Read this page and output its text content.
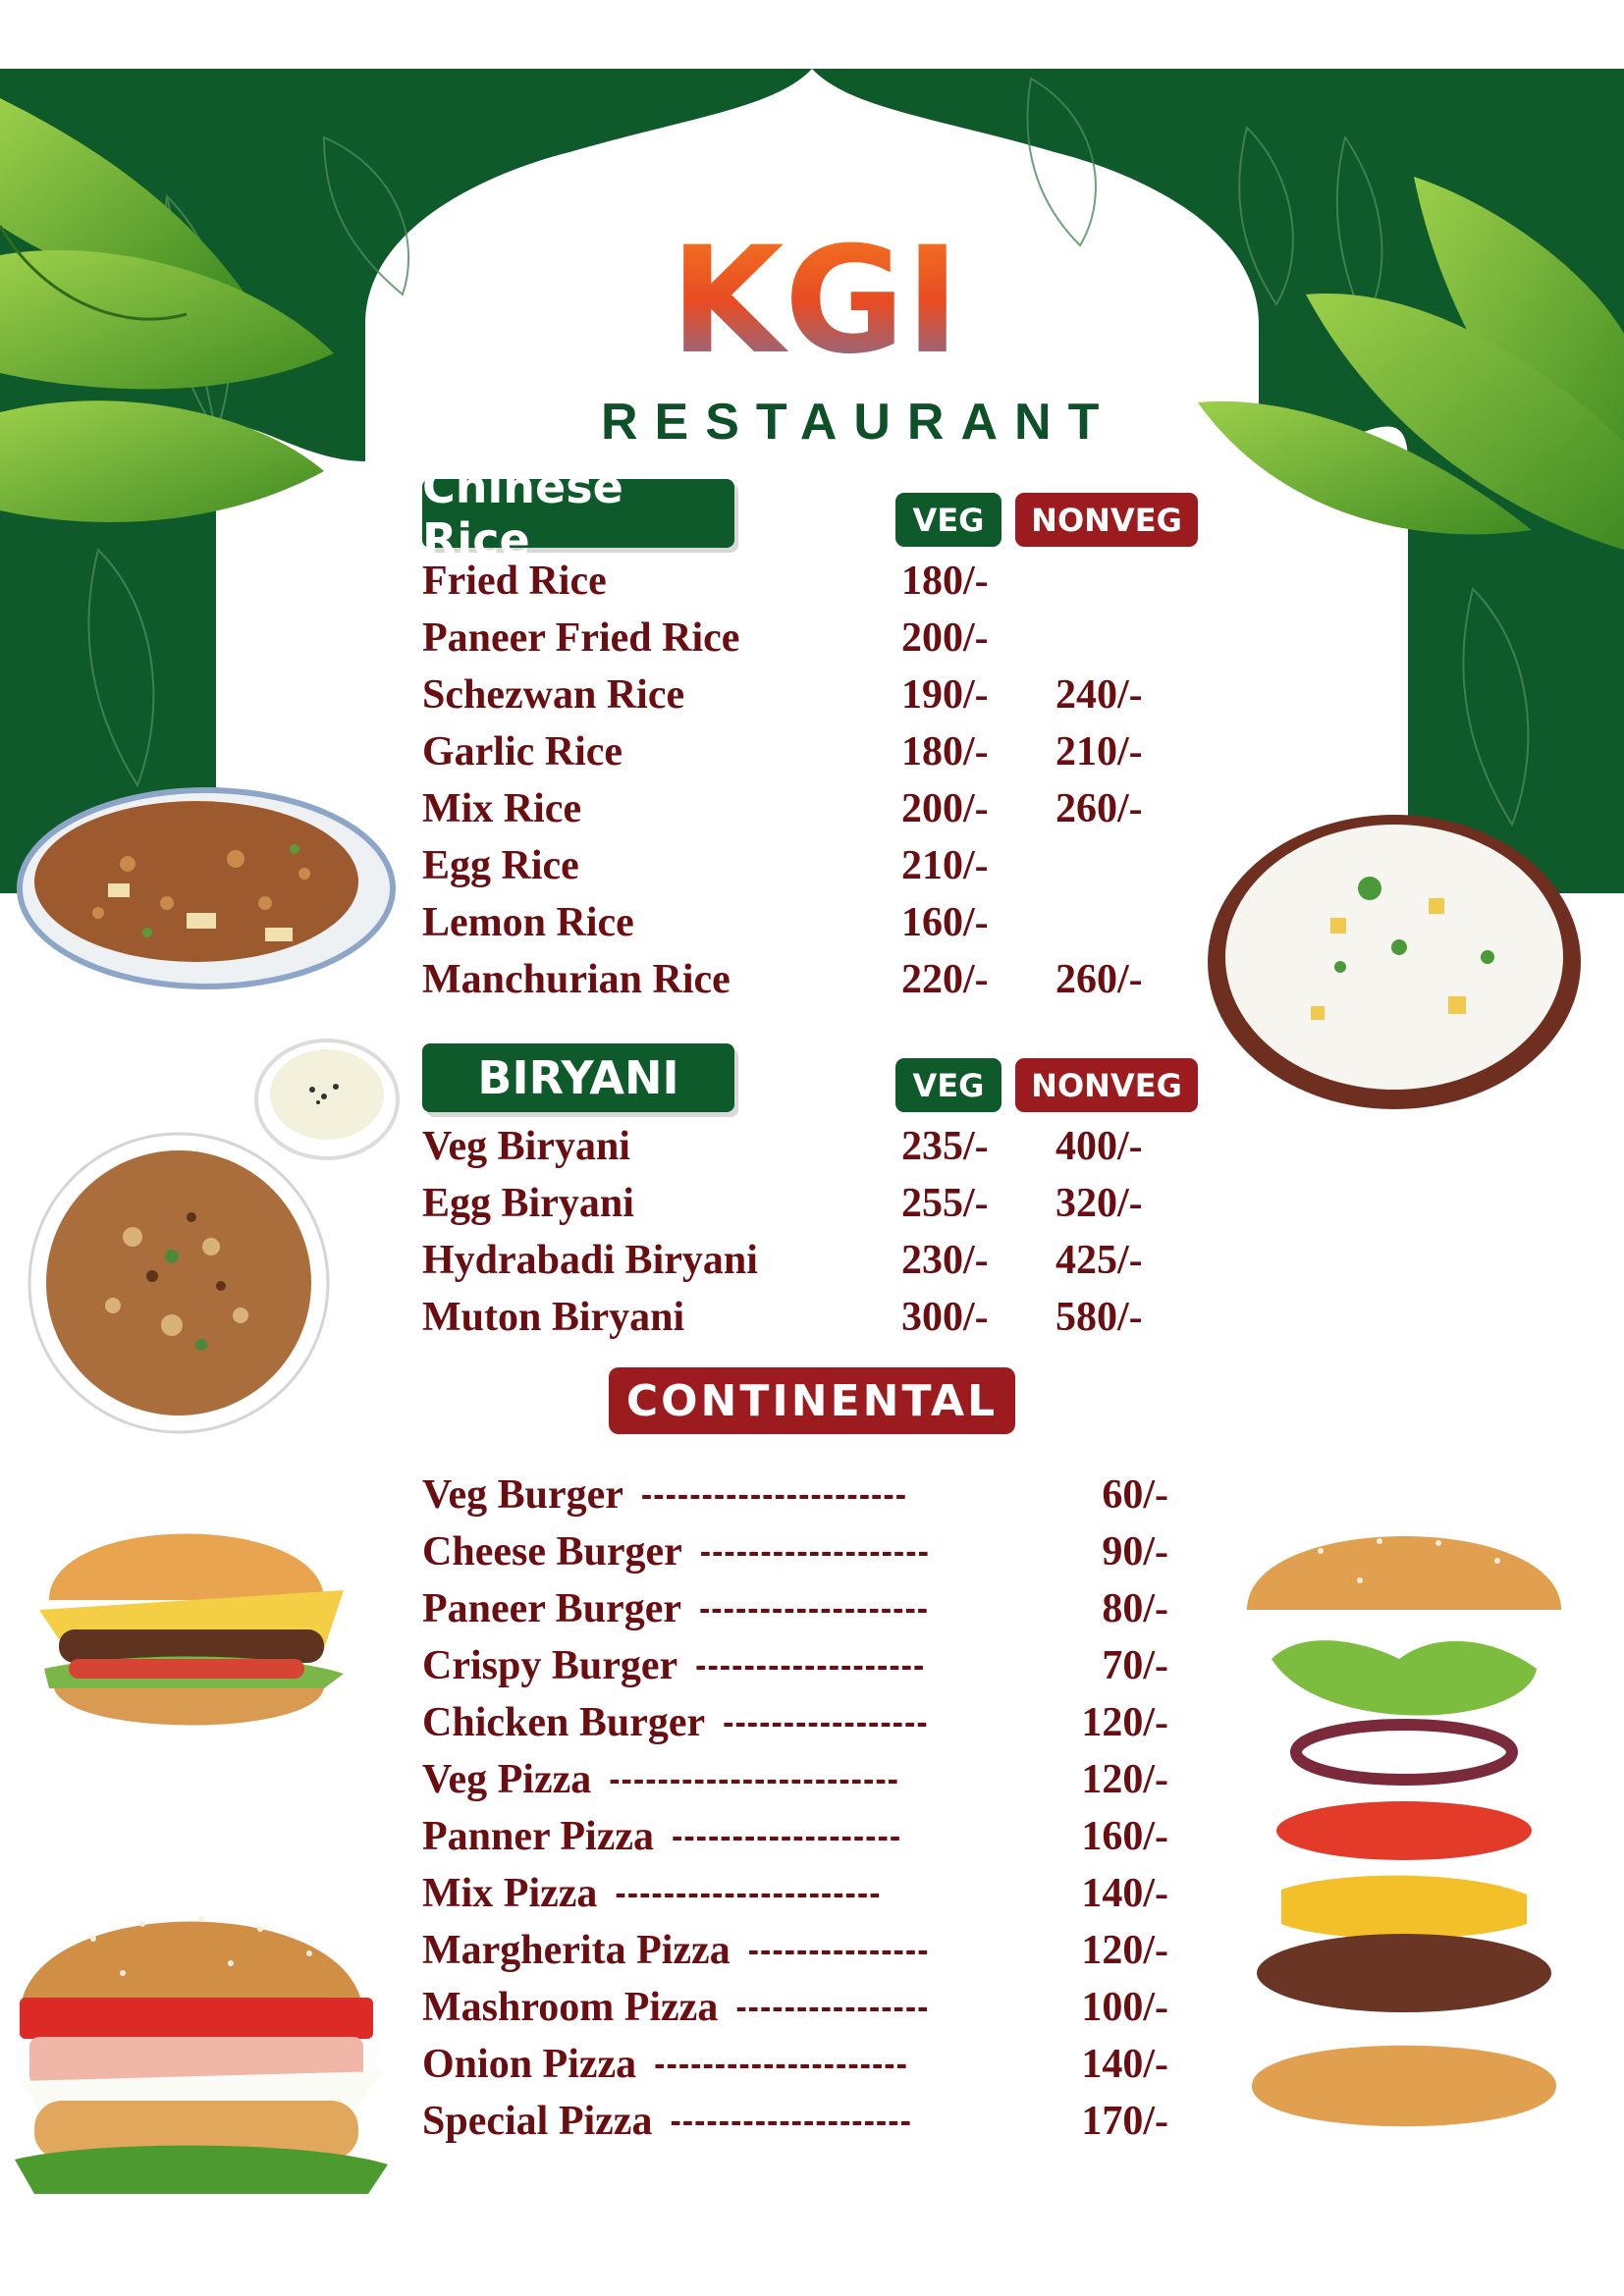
KGI
RESTAURANT
Chinese Rice	VEG	NONVEG
Fried Rice	180/-
Paneer Fried Rice	200/-
Schezwan Rice	190/- 240/-
Garlic Rice	180/- 210/-
Mix Rice	200/- 260/-
Egg Rice	210/-
Lemon Rice	160/-
Manchurian Rice	220/- 260/-
BIRYANI	VEG	NONVEG
Veg Biryani	235/- 400/-
Egg Biryani	255/- 320/-
Hydrabadi Biryani	230/- 425/-
Muton Biryani	300/- 580/-
CONTINENTAL
Veg Burger ----------------------	60/-
Cheese Burger -------------------	90/-
Paneer Burger -------------------	80/-
Crispy Burger -------------------	70/-
Chicken Burger -----------------	120/-
Veg Pizza ------------------------	120/-
Panner Pizza -------------------	160/-
Mix Pizza ----------------------	140/-
Margherita Pizza ---------------	120/-
Mashroom Pizza ----------------	100/-
Onion Pizza ---------------------	140/-
Special Pizza --------------------	170/-
